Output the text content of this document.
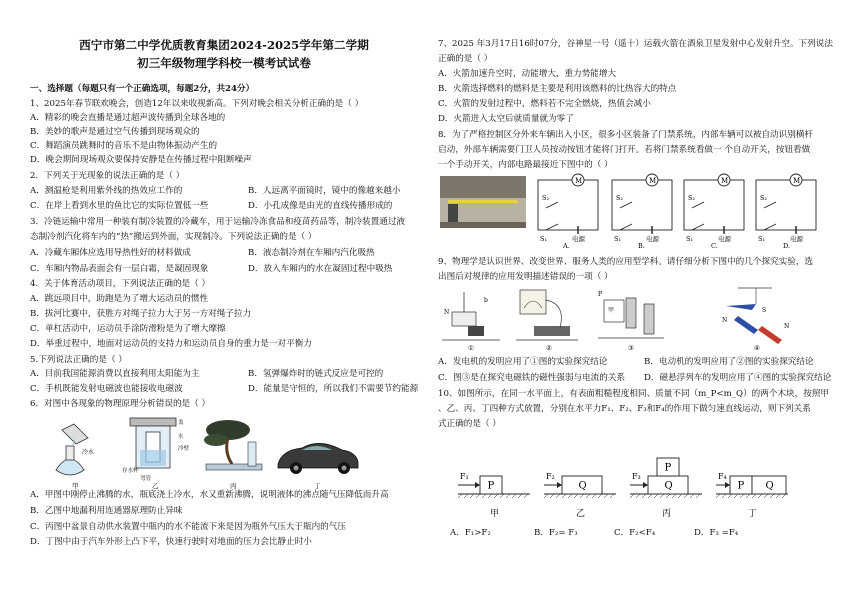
西宁市第二中学优质教育集团2024-2025学年第二学期
初三年级物理学科校一模考试试卷
一、选择题（每题只有一个正确选项，每题2分，共24分）
1、2025年春节联欢晚会，创造12年以来收视新高。下列对晚会相关分析正确的是（ ）
A．精彩的晚会直播是通过超声波传播到全球各地的
B．美妙的歌声是通过空气传播到现场观众的
C．舞蹈演员跳舞时的音乐不是由物体振动产生的
D．晚会期间现场观众要保持安静是在传播过程中阻断噪声
2．下列关于光现象的说法正确的是（ ）
A．测温枪是利用紫外线的热效应工作的	B．人远离平面镜时，镜中的像越来越小
C．在岸上看到水里的鱼比它的实际位置低一些	D．小孔成像是由光的直线传播形成的
3．冷链运输中常用一种装有制冷装置的冷藏车，用于运输冷冻食品和疫苗药品等，制冷装置通过液
态制冷剂汽化将车内的“热”搬运到外面，实现制冷。下列说法正确的是（ ）
A．冷藏车厢体应选用导热性好的材料做成	B．液态制冷剂在车厢内汽化吸热
C．车厢内物品表面会有一层白霜，是凝固现象	D．放入车厢内的水在凝固过程中吸热
4．关于体育活动项目，下列说法正确的是（ ）
A．跳远项目中，助跑是为了增大运动员的惯性
B．拔河比赛中，获胜方对绳子拉力大于另一方对绳子拉力
C．单杠活动中，运动员手涂防滑粉是为了增大摩擦
D．举重过程中，地面对运动员的支持力和运动员自身的重力是一对平衡力
5.下列说法正确的是（ ）
A．目前我国能源消费以直接利用太阳能为主	B．氢弹爆炸时的链式反应是可控的
C．手机既能发射电磁波也能接收电磁波	D．能量是守恒的，所以我们不需要节约能源
6．对图中各现象的物理原理分析错误的是（ ）
冷水
盖
水
冷壁
存水杯
弯管
甲	乙	丙	丁
A．甲图中刚停止沸腾的水，瓶底浇上冷水，水又重新沸腾，说明液体的沸点随气压降低而升高
B．乙图中地漏利用连通器原理防止异味
C．丙图中盆景自动供水装置中瓶内的水不能流下来是因为瓶外气压大于瓶内的气压
D．丁图中由于汽车外形上凸下平，快速行驶时对地面的压力会比静止时小
7、2025 年3月17日16时07分，谷神星一号（遥十）运载火箭在酒泉卫星发射中心发射升空。下列说法
正确的是（ ）
A．火箭加速升空时，动能增大，重力势能增大
B．火箭选择燃料的燃料是主要是利用该燃料的比热容大的特点
C．火箭的发射过程中，燃料若不完全燃烧，热值会减小
D．火箭进入太空后就质量就为零了
8．为了严格控制区分外来车辆出入小区，很多小区装备了门禁系统，内部车辆可以被自动识别横杆
启动，外部车辆需要门卫人员按动按钮才能将门打开。若将门禁系统看做一 个自动开关，按钮看做
一个手动开关，内部电路最接近下图中的（ ）
M
S₂
S₁	电源
M
S₂
S₁	电源
M
S₂
S₁	电源
M
S₂
S₁	电源
A.	B.	C.	D.
9、物理学是认识世界、改变世界、服务人类的应用型学科。请仔细分析下图中的几个探究实验，选
出图后对规律的应用发明描述错误的一项（ ）
N
b
P
甲
N
S
N
①	②	③	④
A．发电机的发明应用了①图的实验探究结论	B．电动机的发明应用了②图的实验探究结论
C．图③是在探究电磁铁的磁性强弱与电流的关系 D．磁悬浮列车的发明应用了④图的实验探究结论
10、如图所示，在同一水平面上，有表面粗糙程度相同、质量不同（m_P<m_Q）的两个木块，按照甲
、乙、丙、丁四种方式放置，分别在水平力F₁、F₂、F₃和F₄的作用下做匀速直线运动，则下列关系
式正确的是（ ）
P
F₁
甲
Q
F₂
乙
Q
P
F₃
丙
P Q
F₄
丁
A．F₁>F₂	B．F₂= F₃	C．F₂<F₄	D．F₃ =F₄
